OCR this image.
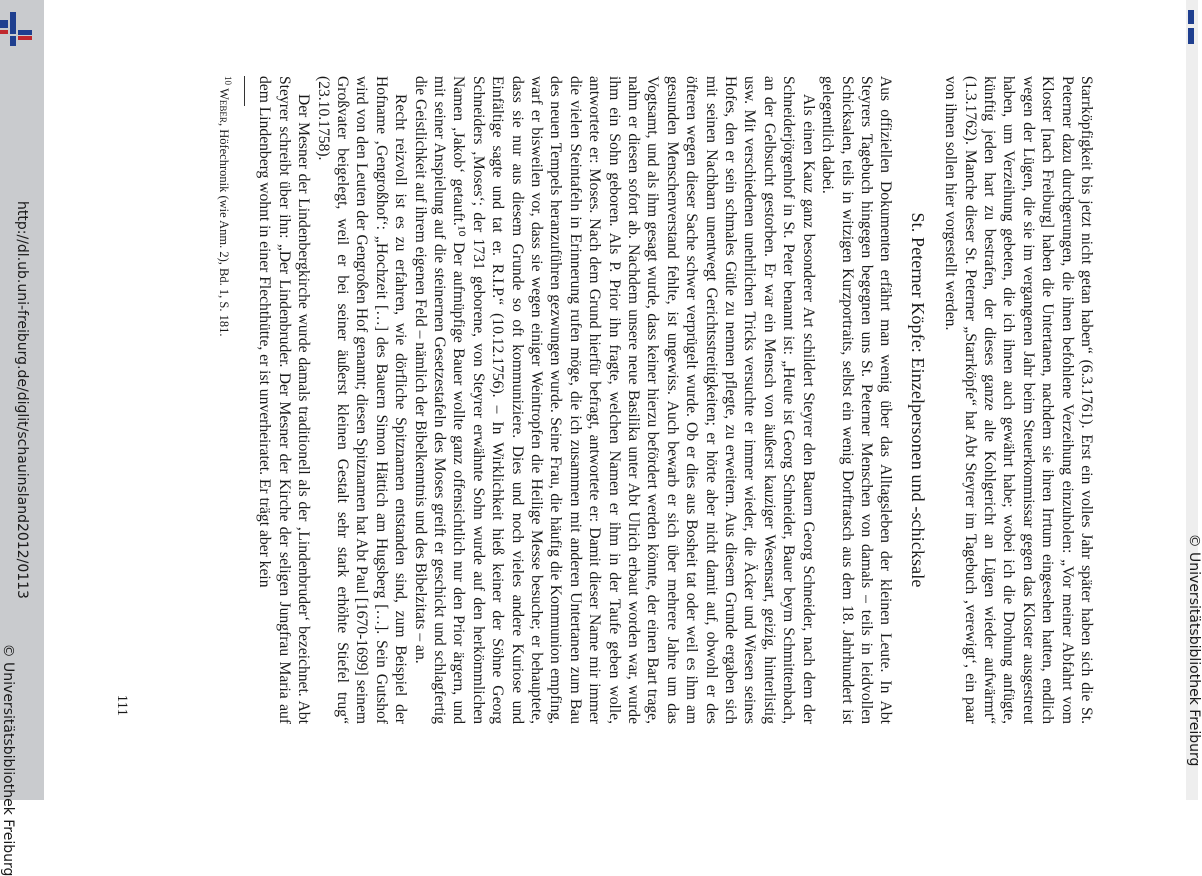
http://dl.ub.uni-freiburg.de/diglit/schauinsland2012/0113
© Universitätsbibliothek Freiburg	© Universitätsbibliothek Freiburg

Starrköpfigkeit bis jetzt nicht getan haben“ (6.3.1761). Erst ein volles Jahr später haben sich die St. Peterner dazu durchgerungen, die ihnen befohlene Verzeihung einzuholen: „Vor meiner Abfahrt vom Kloster [nach Freiburg] haben die Untertanen, nachdem sie ihren Irrtum eingesehen hatten, endlich wegen der Lügen, die sie im vergangenen Jahr beim Steuerkommissar gegen das Kloster ausgestreut haben, um Verzeihung gebeten, die ich ihnen auch gewährt habe; wobei ich die Drohung anfügte, künftig jeden hart zu bestrafen, der dieses ganze alte Kohlgericht an Lügen wieder aufwärmt“ (1.3.1762). Manche dieser St. Peterner „Starrköpfe“ hat Abt Steyrer im Tagebuch ‚verewigt‘, ein paar von ihnen sollen hier vorgestellt werden.

St. Peterner Köpfe: Einzelpersonen und -schicksale

Aus offiziellen Dokumenten erfährt man wenig über das Alltagsleben der kleinen Leute. In Abt Steyrers Tagebuch hingegen begegnen uns St. Peterner Menschen von damals – teils in leidvollen Schicksalen, teils in witzigen Kurzportraits, selbst ein wenig Dorftratsch aus dem 18. Jahrhundert ist gelegentlich dabei.

Als einen Kauz ganz besonderer Art schildert Steyrer den Bauern Georg Schneider, nach dem der Schneiderjörgenhof in St. Peter benannt ist: „Heute ist Georg Schneider, Bauer beym Schmittenbach, an der Gelbsucht gestorben. Er war ein Mensch von äußerst kauziger Wesensart, geizig, hinterlistig usw. Mit verschiedenen unehrlichen Tricks versuchte er immer wieder, die Äcker und Wiesen seines Hofes, den er sein schmales Gütle zu nennen pflegte, zu erweitern. Aus diesem Grunde ergaben sich mit seinen Nachbarn unentwegt Gerichtsstreitigkeiten; er hörte aber nicht damit auf, obwohl er des öfteren wegen dieser Sache schwer verprügelt wurde. Ob er dies aus Bosheit tat oder weil es ihm am gesunden Menschenverstand fehlte, ist ungewiss. Auch bewarb er sich über mehrere Jahre um das Vogtsamt, und als ihm gesagt wurde, dass keiner hierzu befördert werden könnte, der einen Bart trage, nahm er diesen sofort ab. Nachdem unsere neue Basilika unter Abt Ulrich erbaut worden war, wurde ihm ein Sohn geboren. Als P. Prior ihn fragte, welchen Namen er ihm in der Taufe geben wolle, antwortete er: Moses. Nach dem Grund hierfür befragt, antwortete er: Damit dieser Name mir immer die vielen Steintafeln in Erinnerung rufen möge, die ich zusammen mit anderen Untertanen zum Bau des neuen Tempels heranzuführen gezwungen wurde. Seine Frau, die häufig die Kommunion empfing, warf er bisweilen vor, dass sie wegen einiger Weintropfen die Heilige Messe besuche; er behauptete, dass sie nur aus diesem Grunde so oft kommunizierе. Dies und noch vieles andere Kuriose und Einfältige sagte und tat er. R.I.P.“ (10.12.1756). – In Wirklichkeit hieß keiner der Söhne Georg Schneiders ‚Moses‘; der 1731 geborene, von Steyrer erwähnte Sohn wurde auf den herkömmlichen Namen ‚Jakob‘ getauft.¹⁰ Der aufmüpfige Bauer wollte ganz offensichtlich nur den Prior ärgern, und mit seiner Anspielung auf die steinernen Gesetzestafeln des Moses greift er geschickt und schlagfertig die Geistlichkeit auf ihrem eigenen Feld – nämlich der Bibelkenntnis und des Bibelzitats – an.

Recht reizvoll ist es zu erfahren, wie dörfliche Spitznamen entstanden sind, zum Beispiel der Hofname ‚Gengroßhof‘: „Hochzeit […] des Bauern Simon Hättich am Hugsberg […]. Sein Gutshof wird von den Leuten der Gengroßen Hof genannt; diesen Spitznamen hat Abt Paul [1670-1699] seinem Großvater beigelegt, weil er bei seiner äußerst kleinen Gestalt sehr stark erhöhte Stiefel trug“ (23.10.1758).

Der Mesner der Lindenbergkirche wurde damals traditionell als der ‚Lindenbruder‘ bezeichnet. Abt Steyrer schreibt über ihn: „Der Lindenbruder. Der Mesner der Kirche der seligen Jungfrau Maria auf dem Lindenberg wohnt in einer Flechthütte, er ist unverheiratet. Er trägt aber kein

$^{10}$ Weber, Höfechronik (wie Anm. 2), Bd. 1, S. 181.
111
